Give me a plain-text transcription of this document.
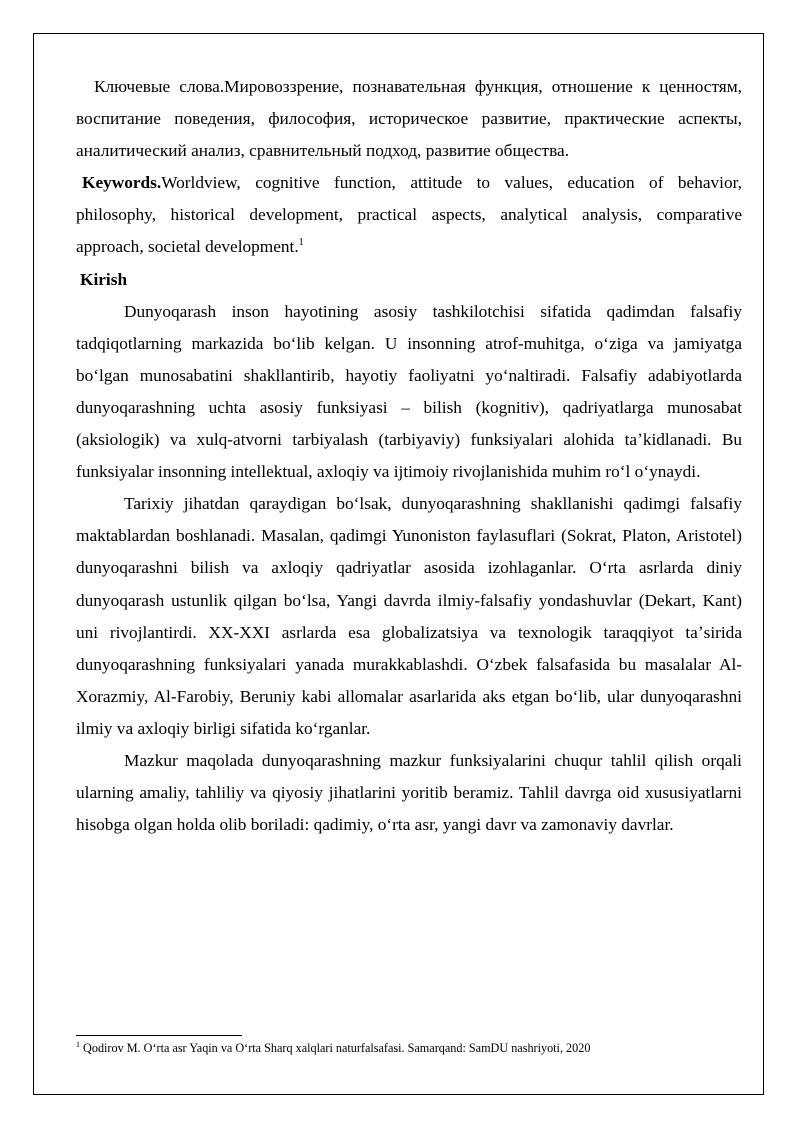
Ключевые слова.Мировоззрение, познавательная функция, отношение к ценностям, воспитание поведения, философия, историческое развитие, практические аспекты, аналитический анализ, сравнительный подход, развитие общества.

Keywords.Worldview, cognitive function, attitude to values, education of behavior, philosophy, historical development, practical aspects, analytical analysis, comparative approach, societal development.$^1$

Kirish

Dunyoqarash inson hayotining asosiy tashkilotchisi sifatida qadimdan falsafiy tadqiqotlarning markazida boʻlib kelgan. U insonning atrof-muhitga, oʻziga va jamiyatga boʻlgan munosabatini shakllantirib, hayotiy faoliyatni yoʻnaltiradi. Falsafiy adabiyotlarda dunyoqarashning uchta asosiy funksiyasi – bilish (kognitiv), qadriyatlarga munosabat (aksiologik) va xulq-atvorni tarbiyalash (tarbiyaviy) funksiyalari alohida taʼkidlanadi. Bu funksiyalar insonning intellektual, axloqiy va ijtimoiy rivojlanishida muhim roʻl oʻynaydi.

Tarixiy jihatdan qaraydigan boʻlsak, dunyoqarashning shakllanishi qadimgi falsafiy maktablardan boshlanadi. Masalan, qadimgi Yunoniston faylasuflari (Sokrat, Platon, Aristotel) dunyoqarashni bilish va axloqiy qadriyatlar asosida izohlaganlar. Oʻrta asrlarda diniy dunyoqarash ustunlik qilgan boʻlsa, Yangi davrda ilmiy-falsafiy yondashuvlar (Dekart, Kant) uni rivojlantirdi. XX-XXI asrlarda esa globalizatsiya va texnologik taraqqiyot taʼsirida dunyoqarashning funksiyalari yanada murakkablashdi. Oʻzbek falsafasida bu masalalar Al-Xorazmiy, Al-Farobiy, Beruniy kabi allomalar asarlarida aks etgan boʻlib, ular dunyoqarashni ilmiy va axloqiy birligi sifatida koʻrganlar.

Mazkur maqolada dunyoqarashning mazkur funksiyalarini chuqur tahlil qilish orqali ularning amaliy, tahliliy va qiyosiy jihatlarini yoritib beramiz. Tahlil davrga oid xususiyatlarni hisobga olgan holda olib boriladi: qadimiy, oʻrta asr, yangi davr va zamonaviy davrlar.

$^1$ Qodirov M. Oʻrta asr Yaqin va Oʻrta Sharq xalqlari naturfalsafasi. Samarqand: SamDU nashriyoti, 2020
